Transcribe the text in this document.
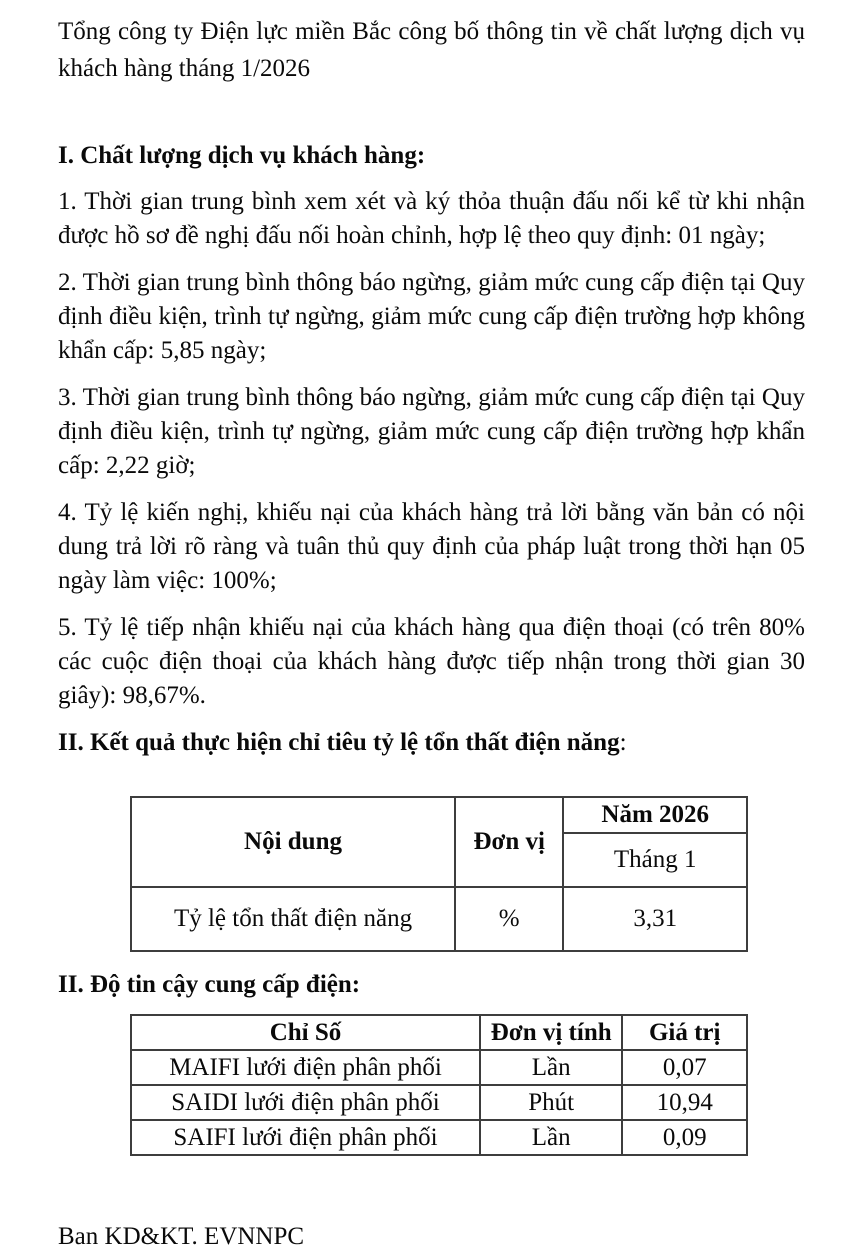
Tổng công ty Điện lực miền Bắc công bố thông tin về chất lượng dịch vụ khách hàng tháng 1/2026

I. Chất lượng dịch vụ khách hàng:

1. Thời gian trung bình xem xét và ký thỏa thuận đấu nối kể từ khi nhận được hồ sơ đề nghị đấu nối hoàn chỉnh, hợp lệ theo quy định: 01 ngày;

2. Thời gian trung bình thông báo ngừng, giảm mức cung cấp điện tại Quy định điều kiện, trình tự ngừng, giảm mức cung cấp điện trường hợp không khẩn cấp: 5,85 ngày;

3. Thời gian trung bình thông báo ngừng, giảm mức cung cấp điện tại Quy định điều kiện, trình tự ngừng, giảm mức cung cấp điện trường hợp khẩn cấp: 2,22 giờ;

4. Tỷ lệ kiến nghị, khiếu nại của khách hàng trả lời bằng văn bản có nội dung trả lời rõ ràng và tuân thủ quy định của pháp luật trong thời hạn 05 ngày làm việc: 100%;

5. Tỷ lệ tiếp nhận khiếu nại của khách hàng qua điện thoại (có trên 80% các cuộc điện thoại của khách hàng được tiếp nhận trong thời gian 30 giây): 98,67%.

II. Kết quả thực hiện chỉ tiêu tỷ lệ tổn thất điện năng:

Nội dung	Đơn vị	Năm 2026
		Tháng 1
Tỷ lệ tổn thất điện năng	%	3,31

II. Độ tin cậy cung cấp điện:

Chỉ Số	Đơn vị tính	Giá trị
MAIFI lưới điện phân phối	Lần	0,07
SAIDI lưới điện phân phối	Phút	10,94
SAIFI lưới điện phân phối	Lần	0,09

Ban KD&KT. EVNNPC
